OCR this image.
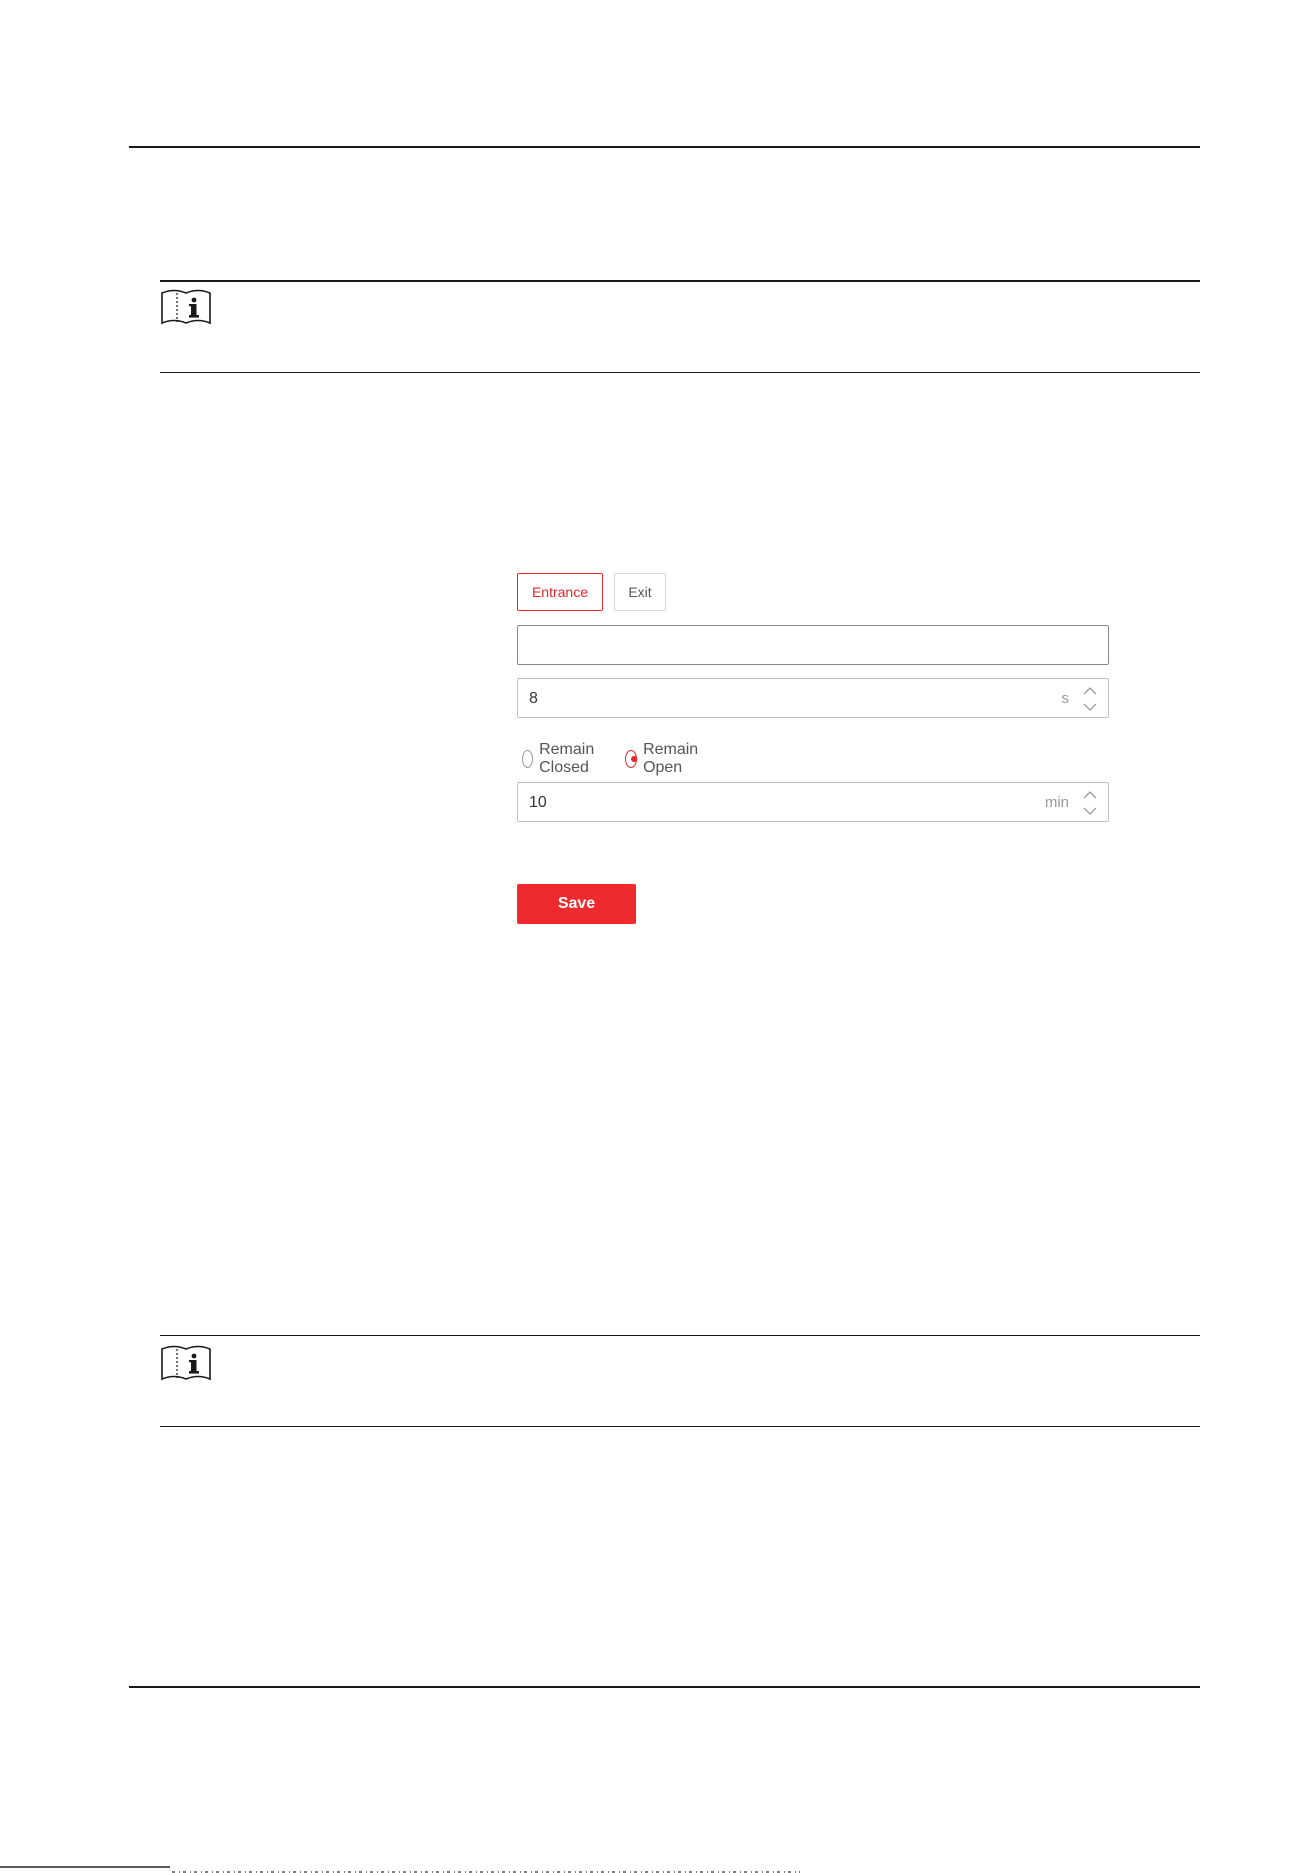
Entrance	Exit
8	s
Remain Closed
Remain Open
10	min
Save
